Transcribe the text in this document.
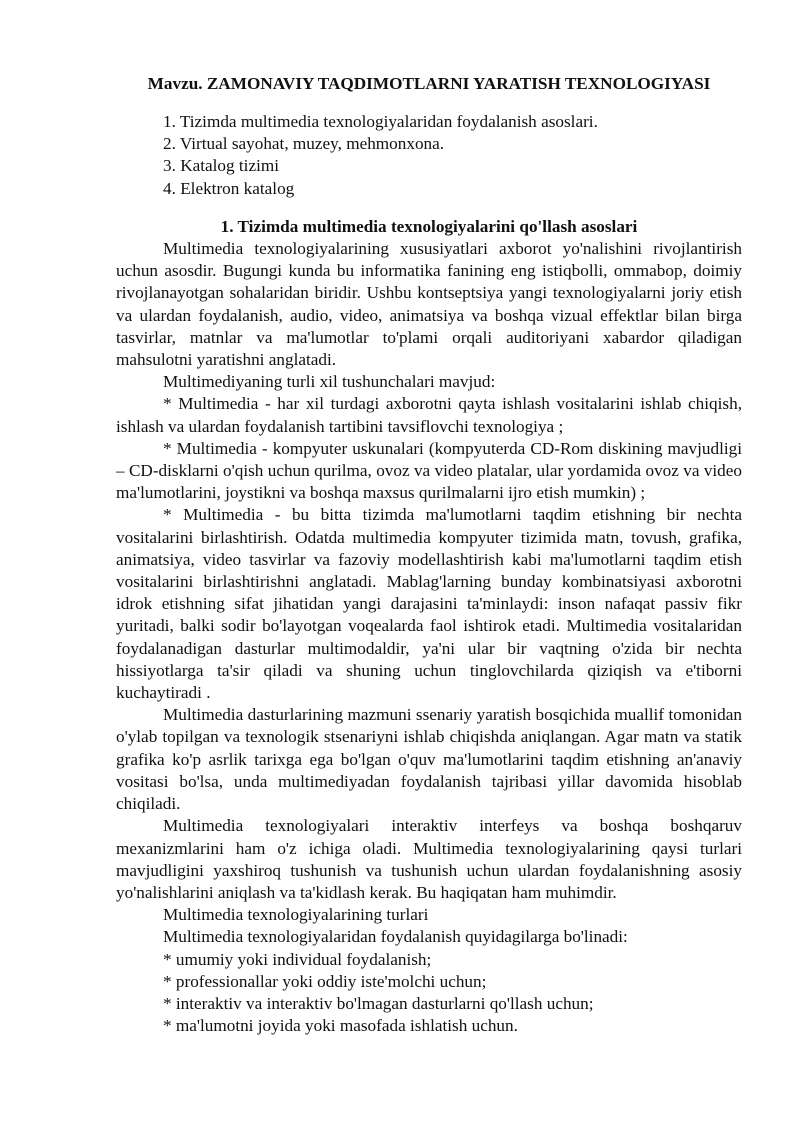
Mavzu. ZAMONAVIY TAQDIMOTLARNI YARATISH TEXNOLOGIYASI
1. Tizimda multimedia texnologiyalaridan foydalanish asoslari.
2. Virtual sayohat, muzey, mehmonxona.
3. Katalog tizimi
4. Elektron katalog
1. Tizimda multimedia texnologiyalarini qo'llash asoslari

Multimedia texnologiyalarining xususiyatlari axborot yo'nalishini rivojlantirish uchun asosdir. Bugungi kunda bu informatika fanining eng istiqbolli, ommabop, doimiy rivojlanayotgan sohalaridan biridir. Ushbu kontseptsiya yangi texnologiyalarni joriy etish va ulardan foydalanish, audio, video, animatsiya va boshqa vizual effektlar bilan birga tasvirlar, matnlar va ma'lumotlar to'plami orqali auditoriyani xabardor qiladigan mahsulotni yaratishni anglatadi.

Multimediyaning turli xil tushunchalari mavjud:

* Multimedia - har xil turdagi axborotni qayta ishlash vositalarini ishlab chiqish, ishlash va ulardan foydalanish tartibini tavsiflovchi texnologiya ;

* Multimedia - kompyuter uskunalari (kompyuterda CD-Rom diskining mavjudligi – CD-disklarni o'qish uchun qurilma, ovoz va video platalar, ular yordamida ovoz va video ma'lumotlarini, joystikni va boshqa maxsus qurilmalarni ijro etish mumkin) ;

* Multimedia - bu bitta tizimda ma'lumotlarni taqdim etishning bir nechta vositalarini birlashtirish. Odatda multimedia kompyuter tizimida matn, tovush, grafika, animatsiya, video tasvirlar va fazoviy modellashtirish kabi ma'lumotlarni taqdim etish vositalarini birlashtirishni anglatadi. Mablag'larning bunday kombinatsiyasi axborotni idrok etishning sifat jihatidan yangi darajasini ta'minlaydi: inson nafaqat passiv fikr yuritadi, balki sodir bo'layotgan voqealarda faol ishtirok etadi. Multimedia vositalaridan foydalanadigan dasturlar multimodaldir, ya'ni ular bir vaqtning o'zida bir nechta hissiyotlarga ta'sir qiladi va shuning uchun tinglovchilarda qiziqish va e'tiborni kuchaytiradi .

Multimedia dasturlarining mazmuni ssenariy yaratish bosqichida muallif tomonidan o'ylab topilgan va texnologik stsenariyni ishlab chiqishda aniqlangan. Agar matn va statik grafika ko'p asrlik tarixga ega bo'lgan o'quv ma'lumotlarini taqdim etishning an'anaviy vositasi bo'lsa, unda multimediyadan foydalanish tajribasi yillar davomida hisoblab chiqiladi.

Multimedia texnologiyalari interaktiv interfeys va boshqa boshqaruv mexanizmlarini ham o'z ichiga oladi. Multimedia texnologiyalarining qaysi turlari mavjudligini yaxshiroq tushunish va tushunish uchun ulardan foydalanishning asosiy yo'nalishlarini aniqlash va ta'kidlash kerak. Bu haqiqatan ham muhimdir.

Multimedia texnologiyalarining turlari

Multimedia texnologiyalaridan foydalanish quyidagilarga bo'linadi:

* umumiy yoki individual foydalanish;

* professionallar yoki oddiy iste'molchi uchun;

* interaktiv va interaktiv bo'lmagan dasturlarni qo'llash uchun;

* ma'lumotni joyida yoki masofada ishlatish uchun.
